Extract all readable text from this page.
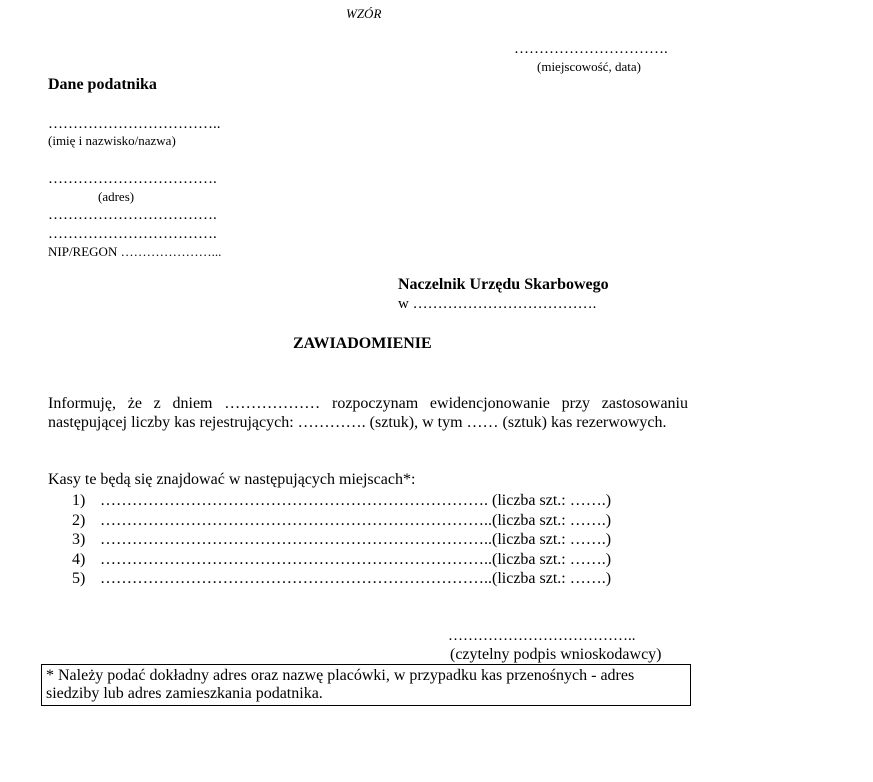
WZÓR
………………………….
(miejscowość, data)
Dane podatnika
……………………………..
(imię i nazwisko/nazwa)
…………………………….
(adres)
…………………………….
…………………………….
NIP/REGON …………………...
Naczelnik Urzędu Skarbowego
w ……………………………….
ZAWIADOMIENIE
Informuję, że z dniem ……………… rozpoczynam ewidencjonowanie przy zastosowaniu następującej liczby kas rejestrujących: …………. (sztuk), w tym …… (sztuk) kas rezerwowych.
Kasy te będą się znajdować w następujących miejscach*:
1) ………………………………………………………………. (liczba szt.: …….)
2) ………………………………………………………………..(liczba szt.: …….)
3) ………………………………………………………………..(liczba szt.: …….)
4) ………………………………………………………………..(liczba szt.: …….)
5) ………………………………………………………………..(liczba szt.: …….)
………………………………..
(czytelny podpis wnioskodawcy)
* Należy podać dokładny adres oraz nazwę placówki, w przypadku kas przenośnych - adres siedziby lub adres zamieszkania podatnika.
